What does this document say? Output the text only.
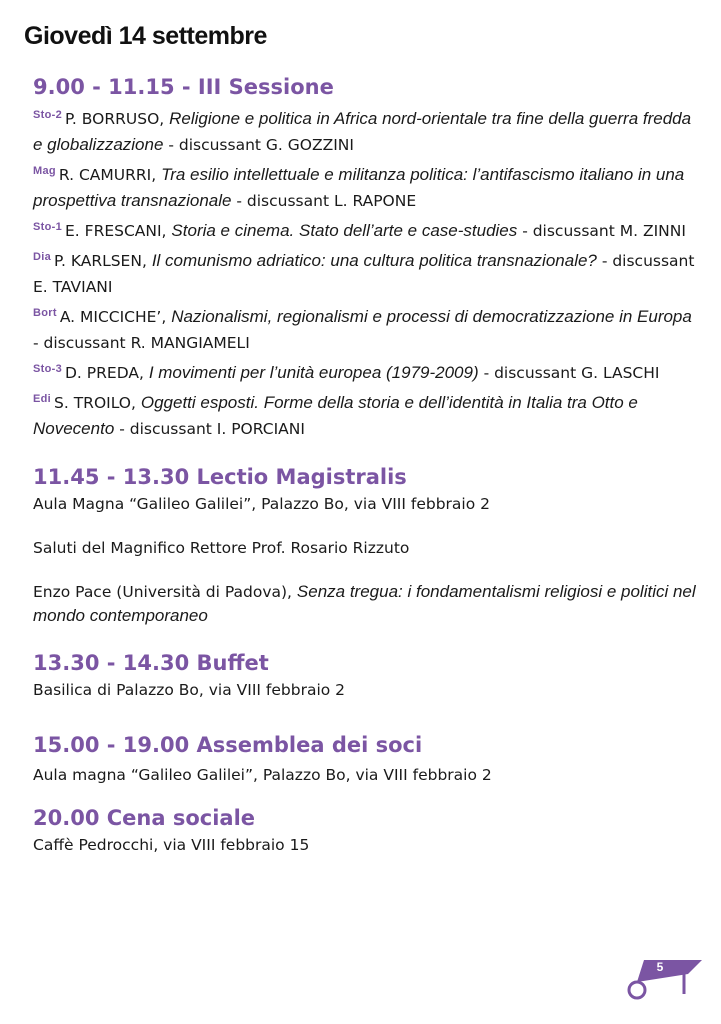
Giovedì 14 settembre
9.00 - 11.15 - III Sessione

$^{Sto-2}$ P. BORRUSO, Religione e politica in Africa nord-orientale tra fine della guerra fredda e globalizzazione - discussant G. GOZZINI

$^{Mag}$ R. CAMURRI, Tra esilio intellettuale e militanza politica: l’antifascismo italiano in una prospettiva transnazionale - discussant L. RAPONE

$^{Sto-1}$ E. FRESCANI, Storia e cinema. Stato dell’arte e case-studies - discussant M. ZINNI

$^{Dia}$ P. KARLSEN, Il comunismo adriatico: una cultura politica transnazionale? - discussant E. TAVIANI

$^{Bort}$ A. MICCICHE’, Nazionalismi, regionalismi e processi di democratizzazione in Europa - discussant R. MANGIAMELI

$^{Sto-3}$ D. PREDA, I movimenti per l’unità europea (1979-2009) - discussant G. LASCHI

$^{Edi}$ S. TROILO, Oggetti esposti. Forme della storia e dell’identità in Italia tra Otto e Novecento - discussant I. PORCIANI

11.45 - 13.30 Lectio Magistralis

Aula Magna “Galileo Galilei”, Palazzo Bo, via VIII febbraio 2

Saluti del Magnifico Rettore Prof. Rosario Rizzuto

Enzo Pace (Università di Padova), Senza tregua: i fondamentalismi religiosi e politici nel mondo contemporaneo

13.30 - 14.30 Buffet

Basilica di Palazzo Bo, via VIII febbraio 2

15.00 - 19.00 Assemblea dei soci

Aula magna “Galileo Galilei”, Palazzo Bo, via VIII febbraio 2

20.00 Cena sociale

Caffè Pedrocchi, via VIII febbraio 15

5
